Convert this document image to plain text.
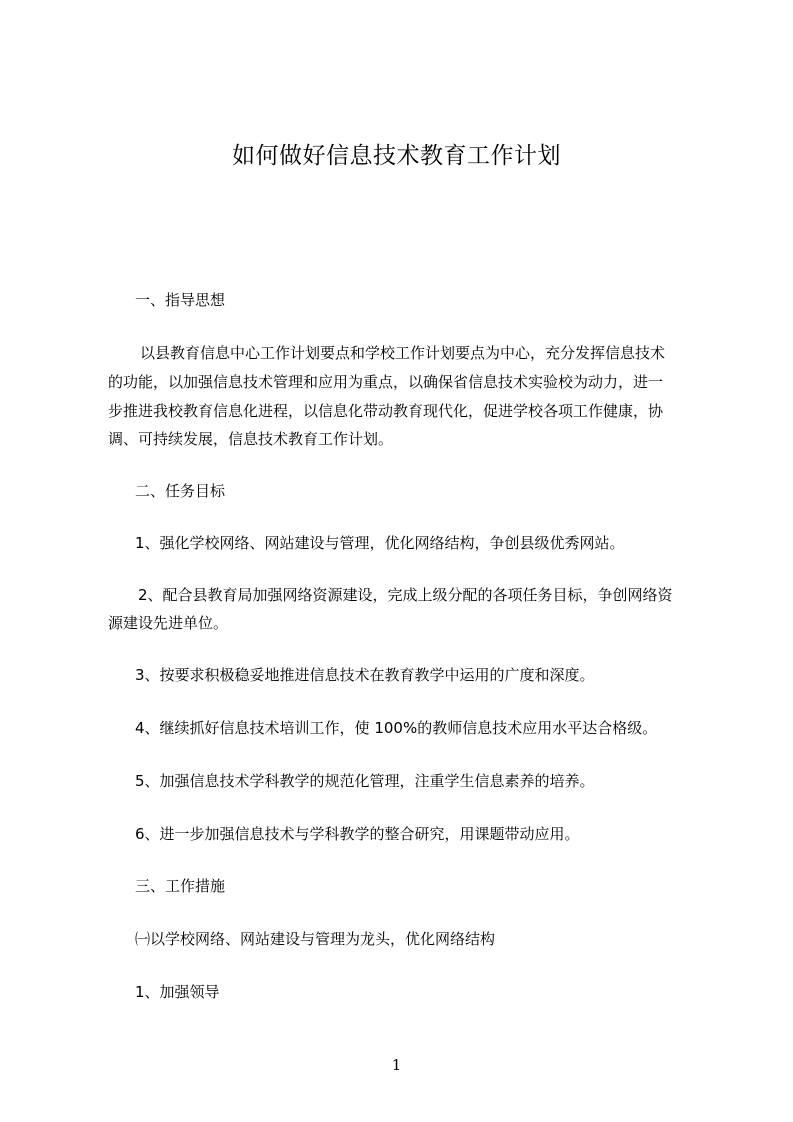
如何做好信息技术教育工作计划
一、指导思想
以县教育信息中心工作计划要点和学校工作计划要点为中心，充分发挥信息技术
的功能，以加强信息技术管理和应用为重点，以确保省信息技术实验校为动力，进一
步推进我校教育信息化进程，以信息化带动教育现代化，促进学校各项工作健康，协
调、可持续发展，信息技术教育工作计划。
二、任务目标
1、强化学校网络、网站建设与管理，优化网络结构，争创县级优秀网站。
2、配合县教育局加强网络资源建设，完成上级分配的各项任务目标，争创网络资
源建设先进单位。
3、按要求积极稳妥地推进信息技术在教育教学中运用的广度和深度。
4、继续抓好信息技术培训工作，使 100%的教师信息技术应用水平达合格级。
5、加强信息技术学科教学的规范化管理，注重学生信息素养的培养。
6、进一步加强信息技术与学科教学的整合研究，用课题带动应用。
三、工作措施
㈠以学校网络、网站建设与管理为龙头，优化网络结构
1、加强领导
1
